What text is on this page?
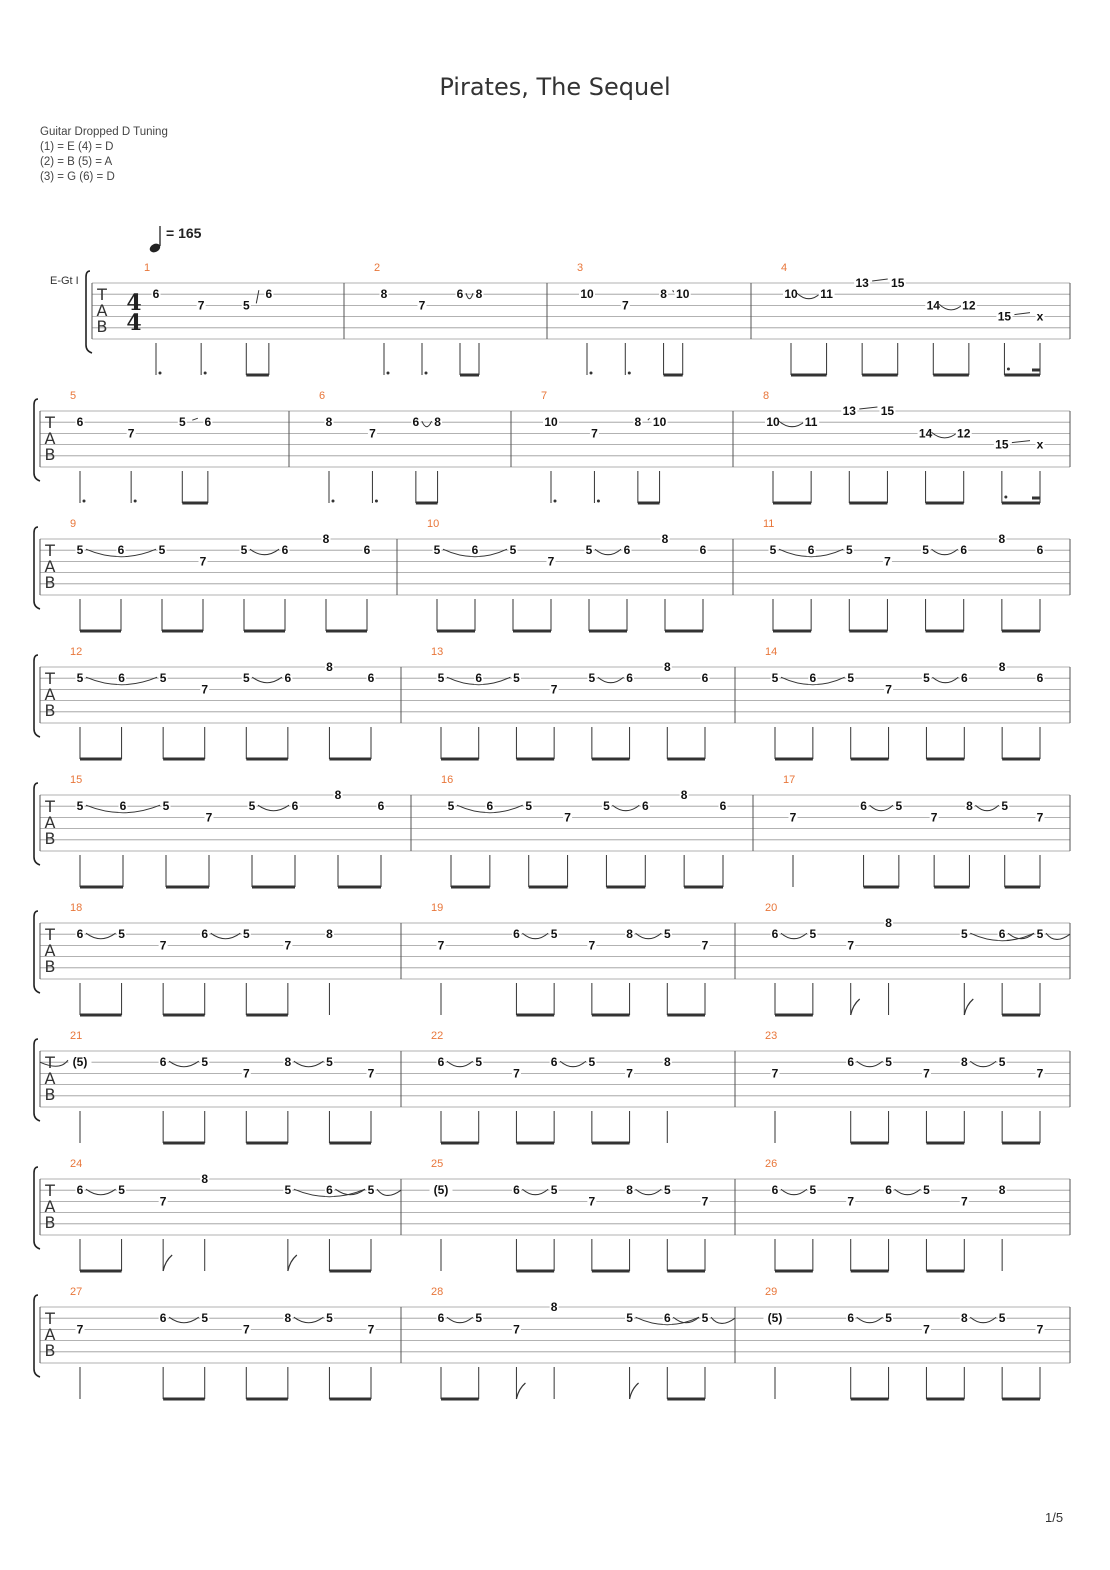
Pirates, The Sequel
Guitar Dropped D Tuning
(1) = E (4) = D
(2) = B (5) = A
(3) = G (6) = D
= 165
E-Gt I
T
A
B
4
4
1
6
7	5
6
2
8
7
6 8
3
10
7
8 10
4
10 11
13 15
14 12
15 x
T
A
B
5
6
7
5 6
6
8
7
6 8
7
10
7
8 10
8
10 11
13 15
14 12
15 x
T
A
B
9
5	6	5
7
5	6
8
6
10
5	6	5
7
5	6
8
6
11
5	6	5
7
5	6
8
6
T
A
B
12
5	6	5
7
5	6
8
6
13
5	6	5
7
5	6
8
6
14
5	6	5
7
5	6
8
6
T
A
B
15
5	6	5
7
5	6
8
6
16
5	6	5
7
5	6
8
6
17
7
6 5
7
8 5
7
T
A
B
18
6	5
7
6	5
7
8
19
7
6	5
7
8	5
7
20
6	5
7
8
5	6	5
T
A
B
21
(5)	6	5
7
8	5
7
22
6	5
7
6	5
7
8
23
7
6	5
7
8	5
7
T
A
B
24
6	5
7
8
5	6	5
25
(5)	6	5
7
8	5
7
26
6	5
7
6	5
7
8
T
A
B
27
7
6	5
7
8	5
7
28
6	5
7
8
5	6	5
29
(5)	6	5
7
8	5
7
1/5
